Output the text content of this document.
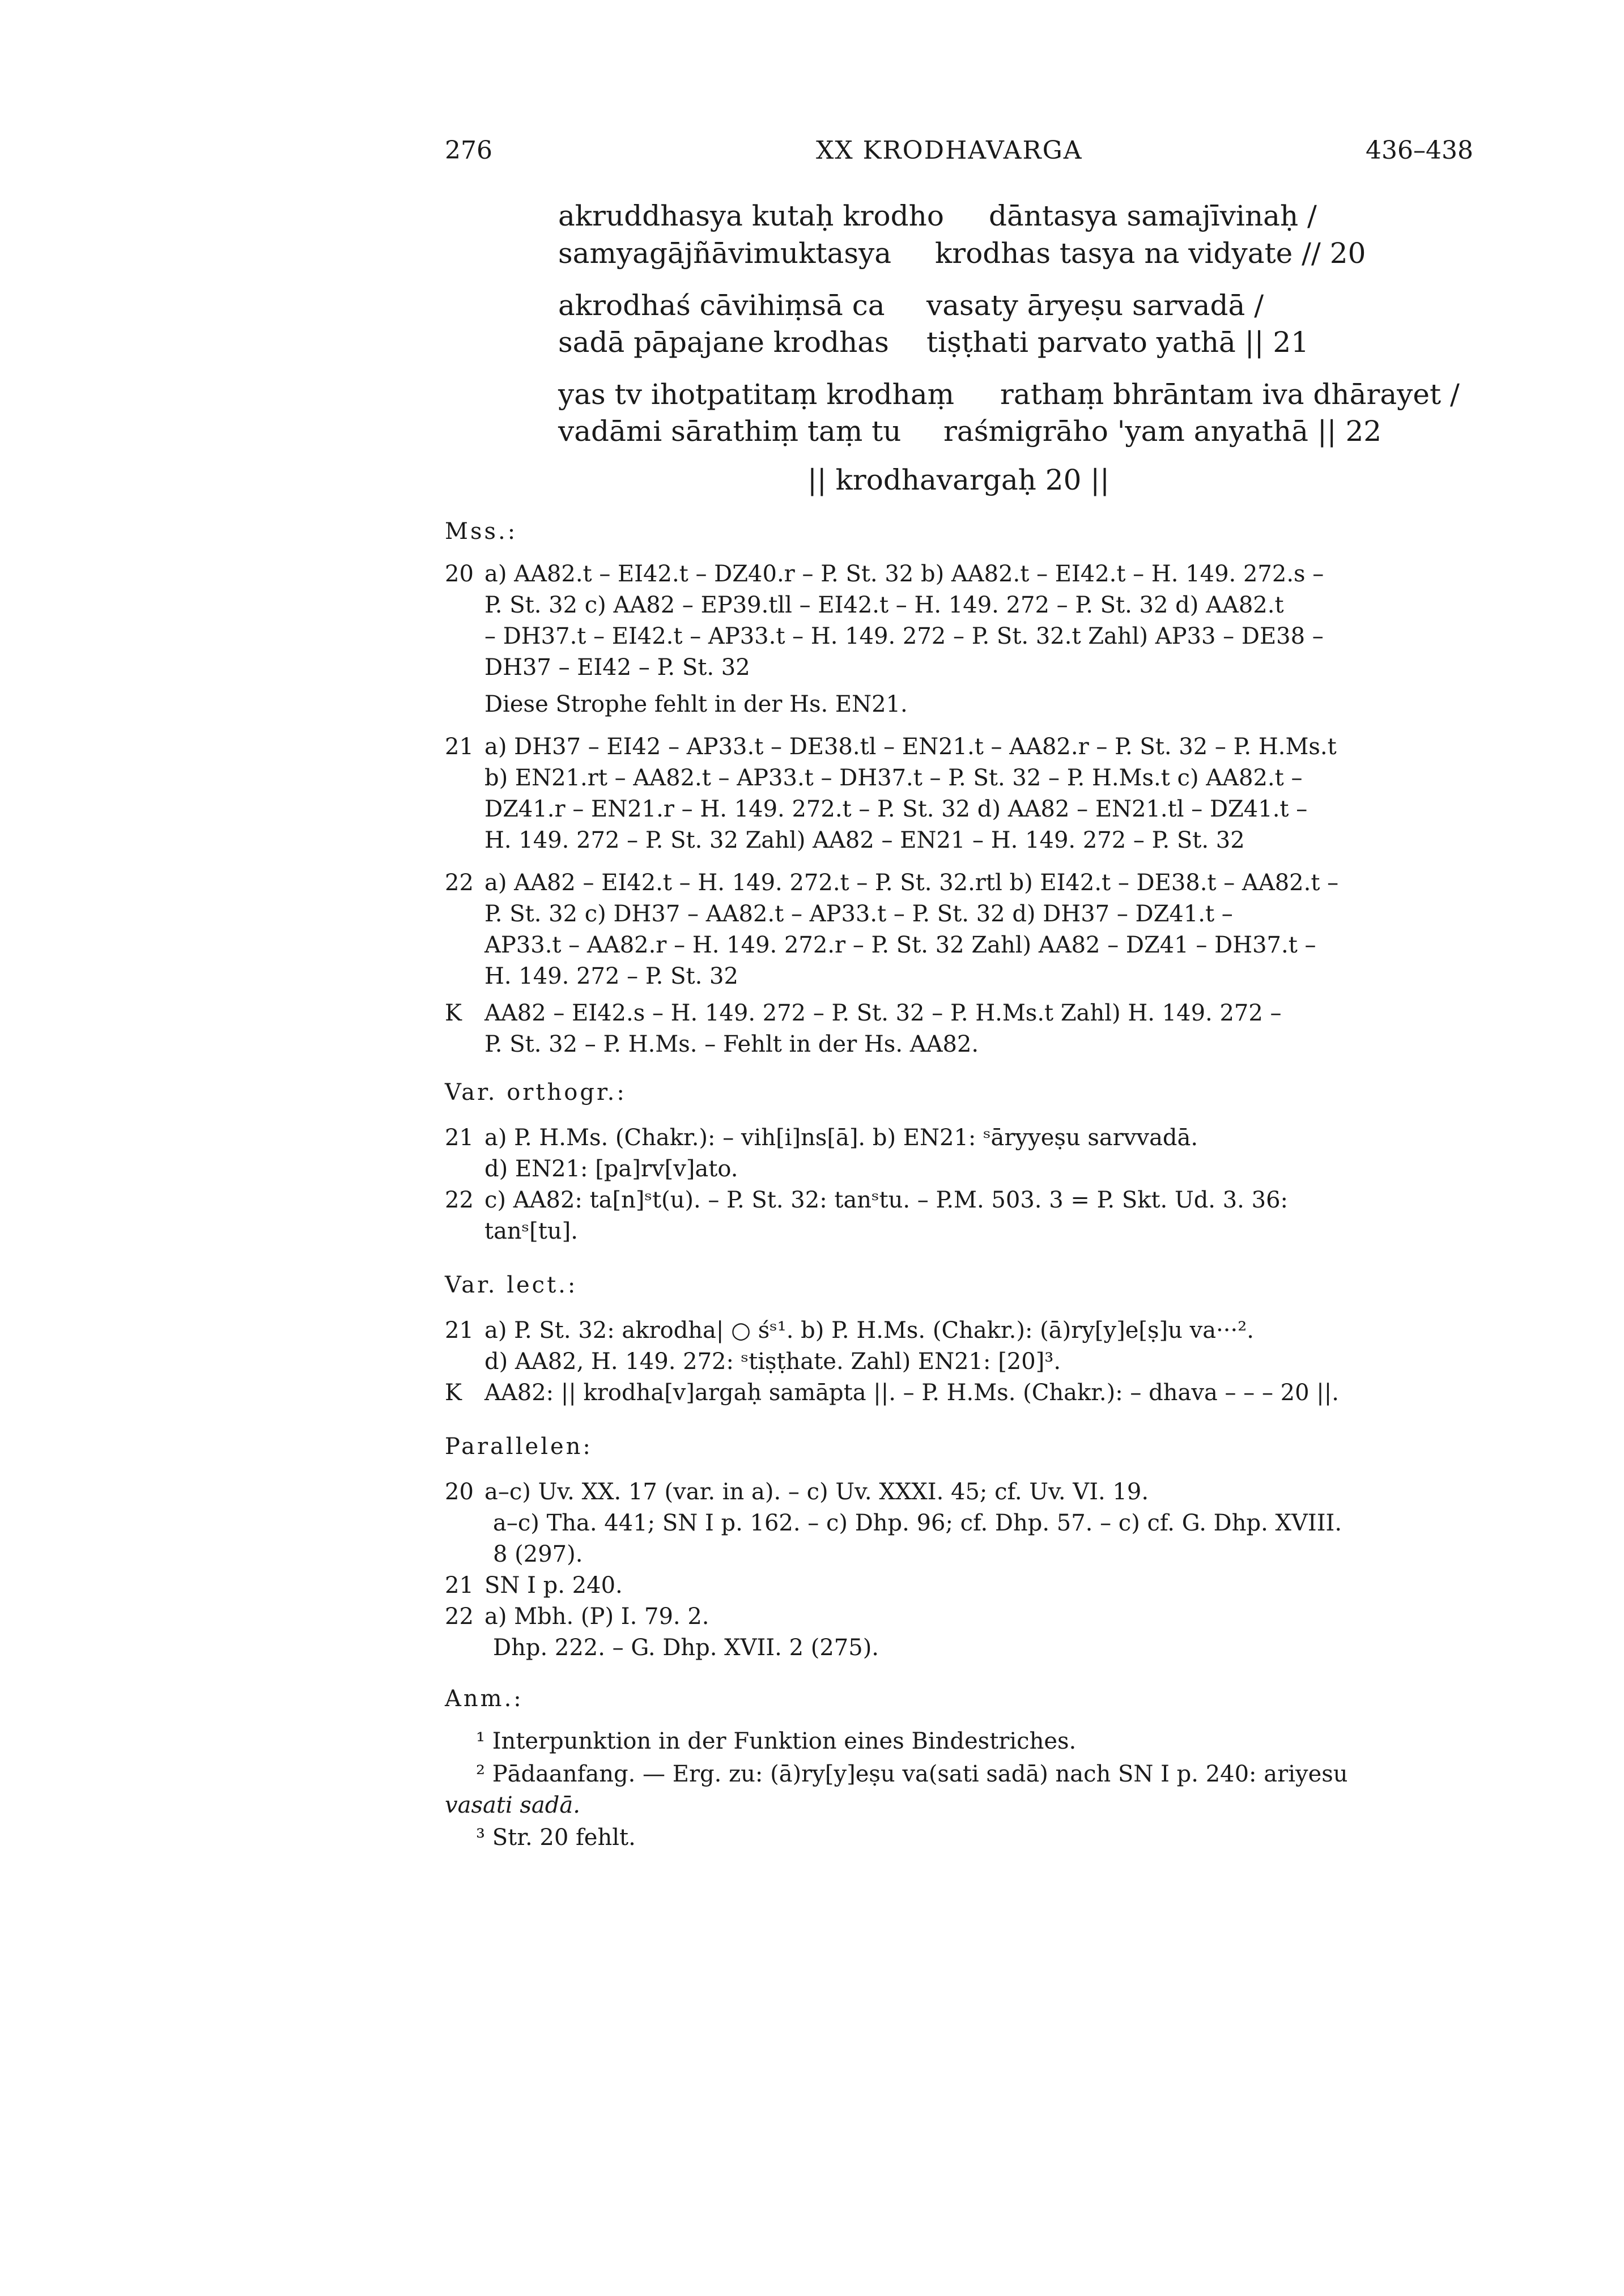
276	XX KRODHAVARGA	436–438
akruddhasya kutaḥ krodho dāntasya samajīvinaḥ /
samyagājñāvimuktasya krodhas tasya na vidyate // 20
akrodhaś cāvihiṃsā ca vasaty āryeṣu sarvadā /
sadā pāpajane krodhas tiṣṭhati parvato yathā || 21
yas tv ihotpatitaṃ krodhaṃ rathaṃ bhrāntam iva dhārayet /
vadāmi sārathiṃ taṃ tu raśmigrāho 'yam anyathā || 22
|| krodhavargaḥ 20 ||
Mss.:
20 a) AA82.t – EI42.t – DZ40.r – P. St. 32 b) AA82.t – EI42.t – H. 149. 272.s –
P. St. 32 c) AA82 – EP39.tll – EI42.t – H. 149. 272 – P. St. 32 d) AA82.t
– DH37.t – EI42.t – AP33.t – H. 149. 272 – P. St. 32.t Zahl) AP33 – DE38 –
DH37 – EI42 – P. St. 32
Diese Strophe fehlt in der Hs. EN21.
21 a) DH37 – EI42 – AP33.t – DE38.tl – EN21.t – AA82.r – P. St. 32 – P. H.Ms.t
b) EN21.rt – AA82.t – AP33.t – DH37.t – P. St. 32 – P. H.Ms.t c) AA82.t –
DZ41.r – EN21.r – H. 149. 272.t – P. St. 32 d) AA82 – EN21.tl – DZ41.t –
H. 149. 272 – P. St. 32 Zahl) AA82 – EN21 – H. 149. 272 – P. St. 32
22 a) AA82 – EI42.t – H. 149. 272.t – P. St. 32.rtl b) EI42.t – DE38.t – AA82.t –
P. St. 32 c) DH37 – AA82.t – AP33.t – P. St. 32 d) DH37 – DZ41.t –
AP33.t – AA82.r – H. 149. 272.r – P. St. 32 Zahl) AA82 – DZ41 – DH37.t –
H. 149. 272 – P. St. 32
K AA82 – EI42.s – H. 149. 272 – P. St. 32 – P. H.Ms.t Zahl) H. 149. 272 –
P. St. 32 – P. H.Ms. – Fehlt in der Hs. AA82.
Var. orthogr.:
21 a) P. H.Ms. (Chakr.): – vih[i]ns[ā]. b) EN21: ˢāryyeṣu sarvvadā.
d) EN21: [pa]rv[v]ato.
22 c) AA82: ta[n]ˢt(u). – P. St. 32: tanˢtu. – P.M. 503. 3 = P. Skt. Ud. 3. 36:
tanˢ[tu].
Var. lect.:
21 a) P. St. 32: akrodha| ○ śˢ¹. b) P. H.Ms. (Chakr.): (ā)ry[y]e[ṣ]u va···².
d) AA82, H. 149. 272: ˢtiṣṭhate. Zahl) EN21: [20]³.
K AA82: || krodha[v]argaḥ samāpta ||. – P. H.Ms. (Chakr.): – dhava – – – 20 ||.
Parallelen:
20 a–c) Uv. XX. 17 (var. in a). – c) Uv. XXXI. 45; cf. Uv. VI. 19.
a–c) Tha. 441; SN I p. 162. – c) Dhp. 96; cf. Dhp. 57. – c) cf. G. Dhp. XVIII.
8 (297).
21 SN I p. 240.
22 a) Mbh. (P) I. 79. 2.
Dhp. 222. – G. Dhp. XVII. 2 (275).
Anm.:
¹ Interpunktion in der Funktion eines Bindestriches.
² Pādaanfang. — Erg. zu: (ā)ry[y]eṣu va(sati sadā) nach SN I p. 240: ariyesu
vasati sadā.
³ Str. 20 fehlt.
